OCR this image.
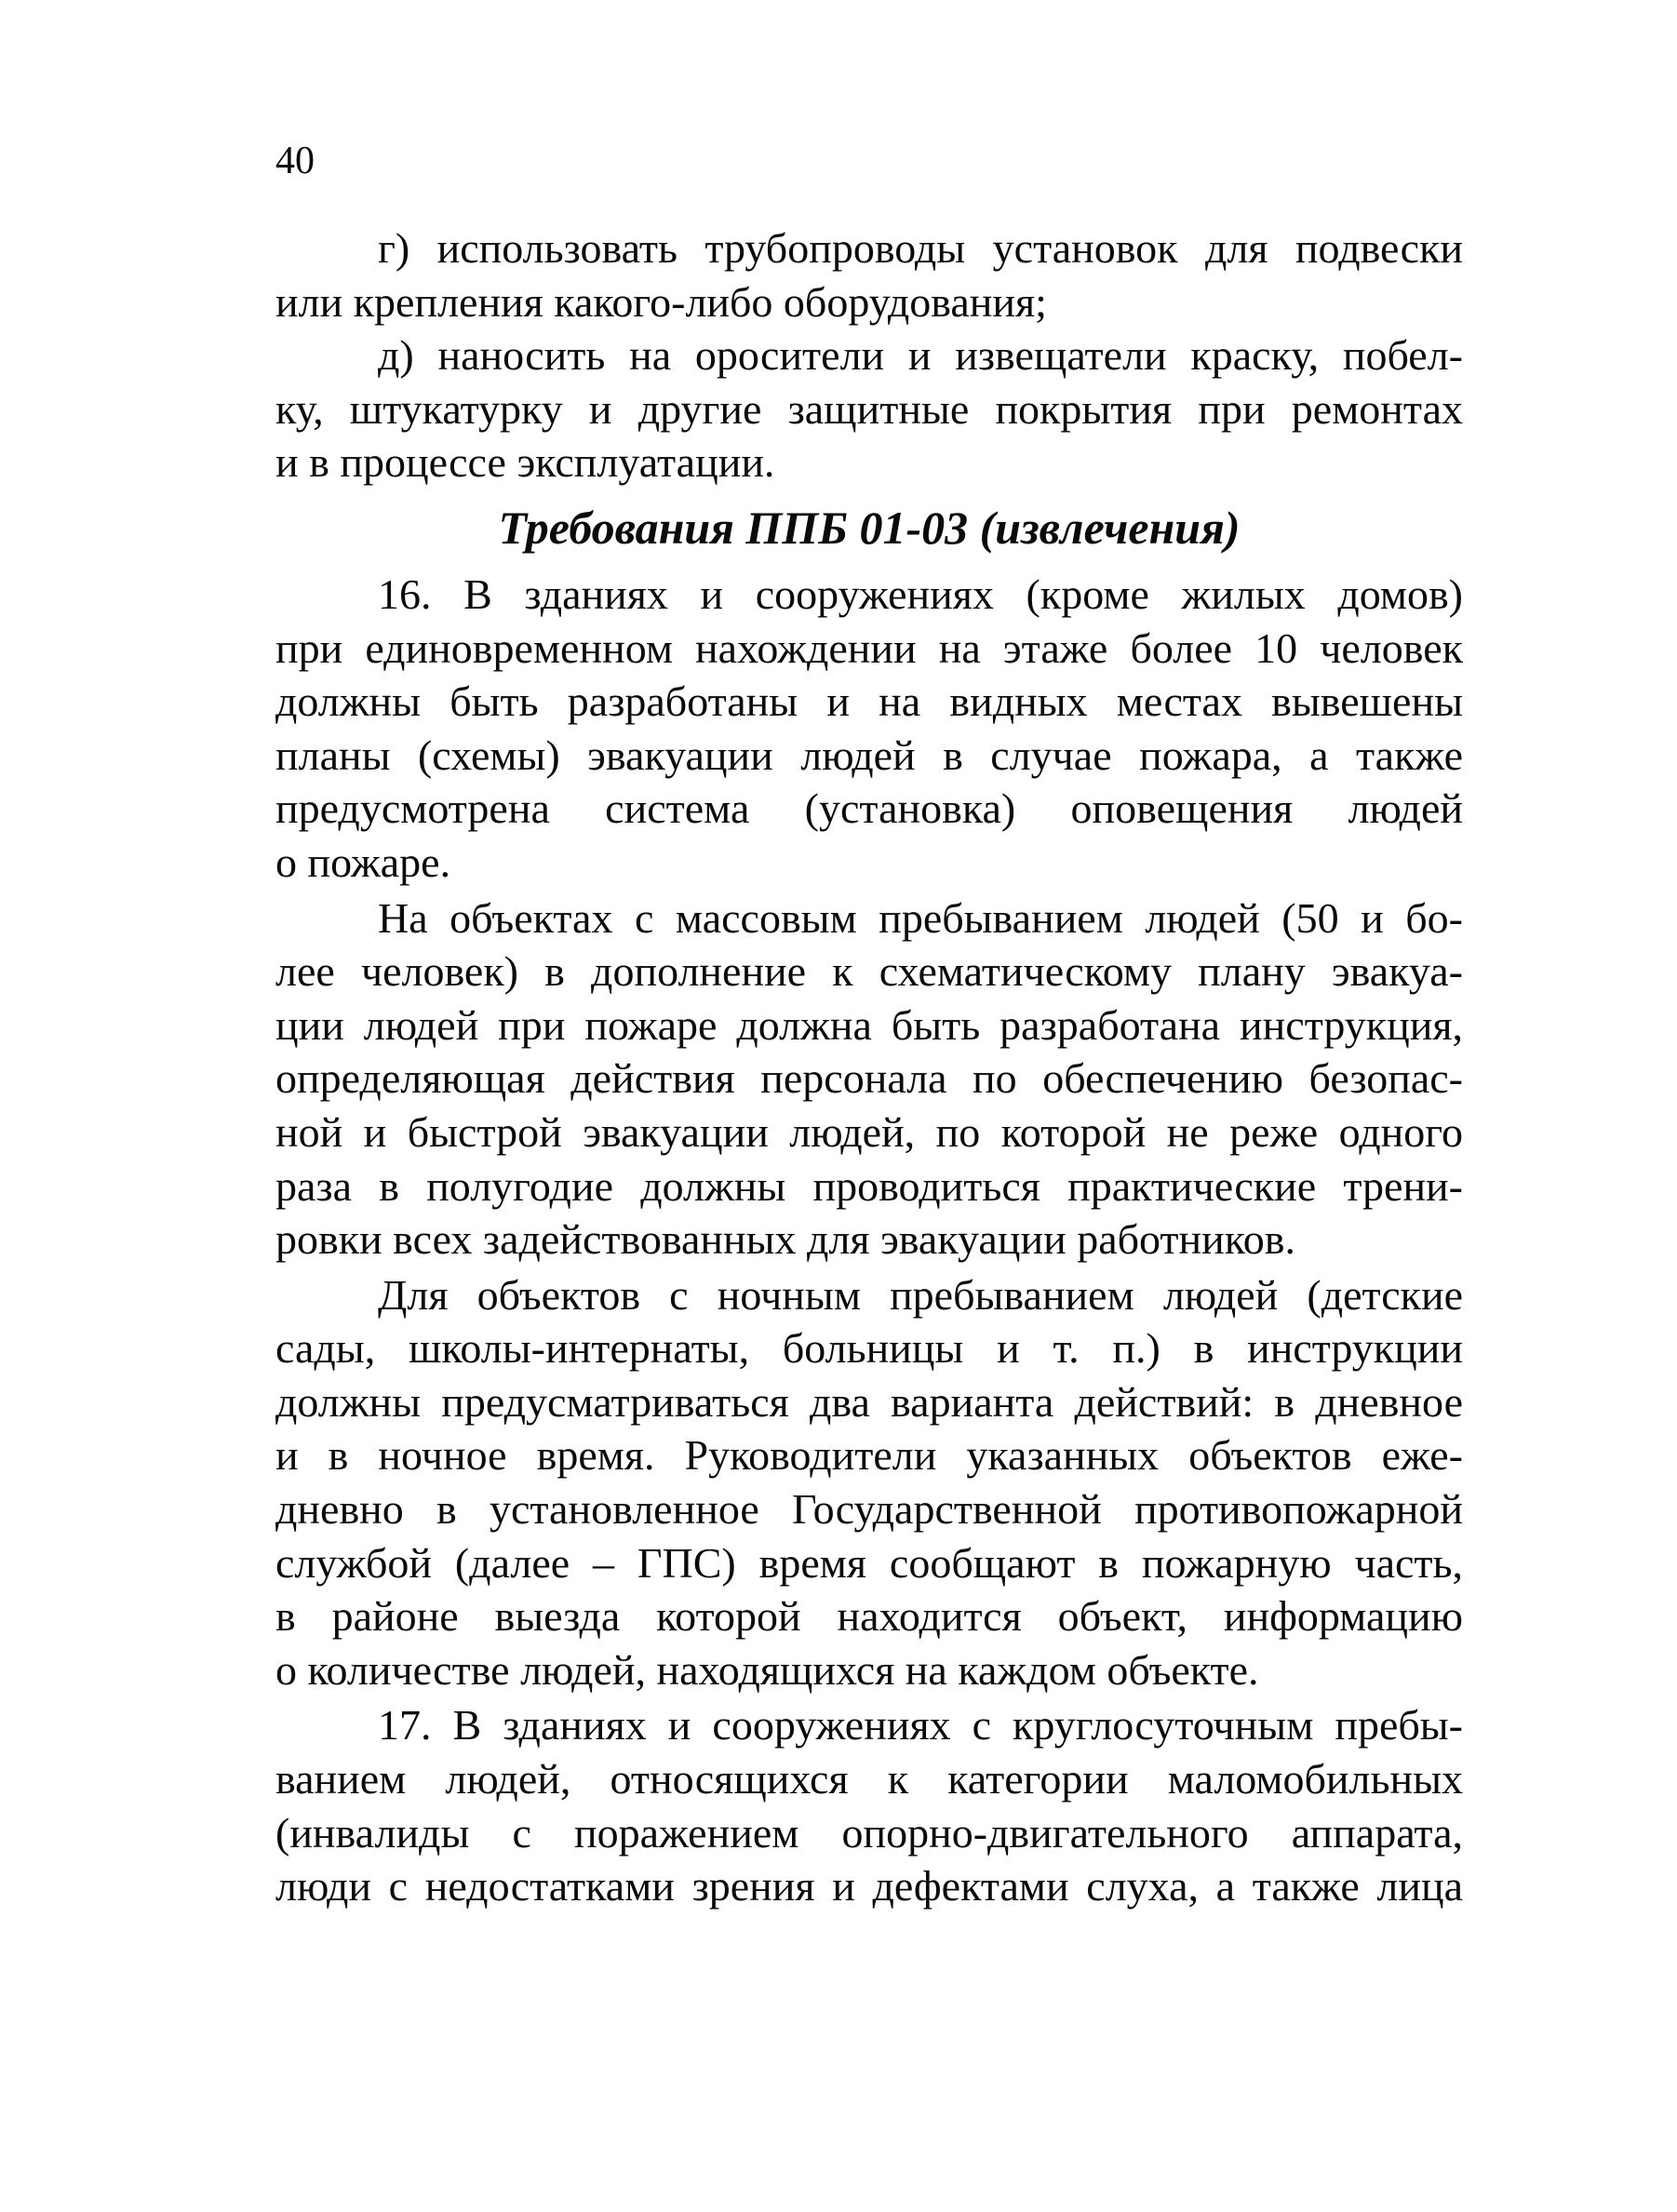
40
г) использовать трубопроводы установок для подвески
или крепления какого-либо оборудования;
д) наносить на оросители и извещатели краску, побел-
ку, штукатурку и другие защитные покрытия при ремонтах
и в процессе эксплуатации.
Требования ППБ 01-03 (извлечения)
16. В зданиях и сооружениях (кроме жилых домов)
при единовременном нахождении на этаже более 10 человек
должны быть разработаны и на видных местах вывешены
планы (схемы) эвакуации людей в случае пожара, а также
предусмотрена система (установка) оповещения людей
о пожаре.
На объектах с массовым пребыванием людей (50 и бо-
лее человек) в дополнение к схематическому плану эвакуа-
ции людей при пожаре должна быть разработана инструкция,
определяющая действия персонала по обеспечению безопас-
ной и быстрой эвакуации людей, по которой не реже одного
раза в полугодие должны проводиться практические трени-
ровки всех задействованных для эвакуации работников.
Для объектов с ночным пребыванием людей (детские
сады, школы-интернаты, больницы и т. п.) в инструкции
должны предусматриваться два варианта действий: в дневное
и в ночное время. Руководители указанных объектов еже-
дневно в установленное Государственной противопожарной
службой (далее – ГПС) время сообщают в пожарную часть,
в районе выезда которой находится объект, информацию
о количестве людей, находящихся на каждом объекте.
17. В зданиях и сооружениях с круглосуточным пребы-
ванием людей, относящихся к категории маломобильных
(инвалиды с поражением опорно-двигательного аппарата,
люди с недостатками зрения и дефектами слуха, а также лица
